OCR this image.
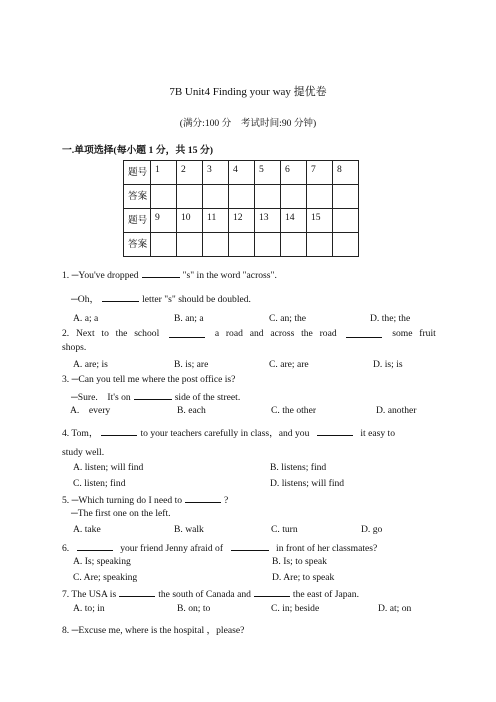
7B Unit4 Finding your way 提优卷
(满分:100 分　考试时间:90 分钟)
一.单项选择(每小题 1 分，共 15 分)
题号	1	2	3	4	5	6	7	8
答案								
题号	9	10	11	12	13	14	15	
答案								
1. ─You've dropped	"s" in the word "across".
─Oh，	letter "s" should be doubled.
A. a; a	B. an; a	C. an; the	D. the; the
2. Next to the school	a road and across the road	some fruit
shops.
A. are; is	B. is; are	C. are; are	D. is; is
3. ─Can you tell me where the post office is?
─Sure.　It's on	side of the street.
A.　every	B. each	C. the other	D. another
4. Tom，	to your teachers carefully in class，and you	it easy to
study well.
A. listen; will find	B. listens; find
C. listen; find	D. listens; will find
5. ─Which turning do I need to	?
─The first one on the left.
A. take	B. walk	C. turn	D. go
6.	your friend Jenny afraid of	in front of her classmates?
A. Is; speaking	B. Is; to speak
C. Are; speaking	D. Are; to speak
7. The USA is	the south of Canada and	the east of Japan.
A. to; in	B. on; to	C. in; beside	D. at; on
8. ─Excuse me, where is the hospital ，please?
